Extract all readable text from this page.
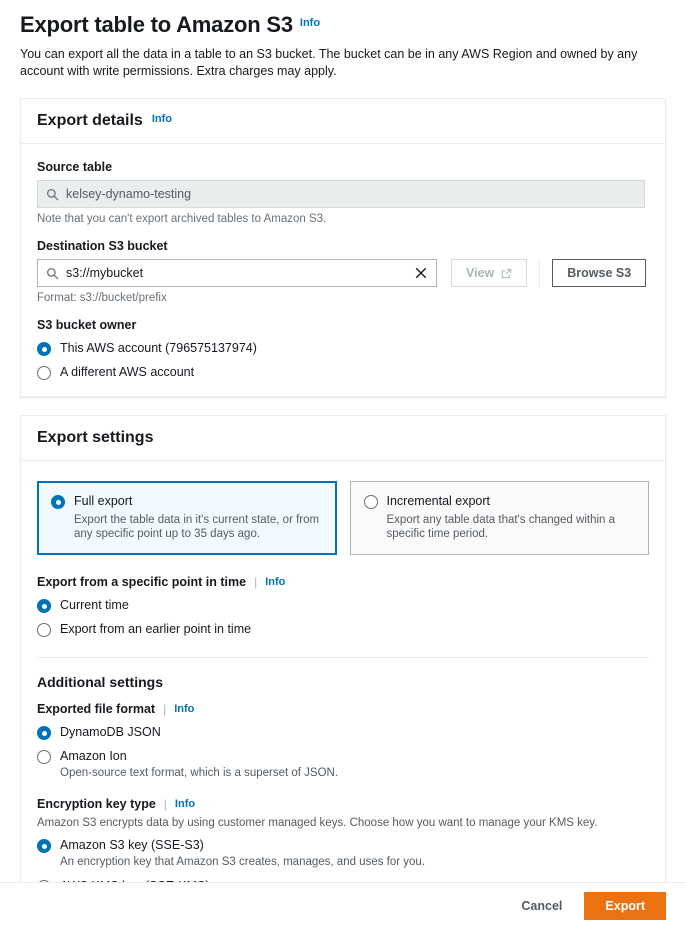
Export table to Amazon S3 $^{Info}$
You can export all the data in a table to an S3 bucket. The bucket can be in any AWS Region and owned by any account with write permissions. Extra charges may apply.
Export details Info
Source table
kelsey-dynamo-testing
Note that you can't export archived tables to Amazon S3.
Destination S3 bucket
s3://mybucket	View	Browse S3
Format: s3://bucket/prefix
S3 bucket owner
This AWS account (796575137974)
A different AWS account
Export settings
Full export
Export the table data in it's current state, or from any specific point up to 35 days ago.
Incremental export
Export any table data that's changed within a specific time period.
Export from a specific point in time | Info
Current time
Export from an earlier point in time
Additional settings
Exported file format | Info
DynamoDB JSON
Amazon Ion
Open-source text format, which is a superset of JSON.
Encryption key type | Info
Amazon S3 encrypts data by using customer managed keys. Choose how you want to manage your KMS key.
Amazon S3 key (SSE-S3)
An encryption key that Amazon S3 creates, manages, and uses for you.
Cancel	Export
